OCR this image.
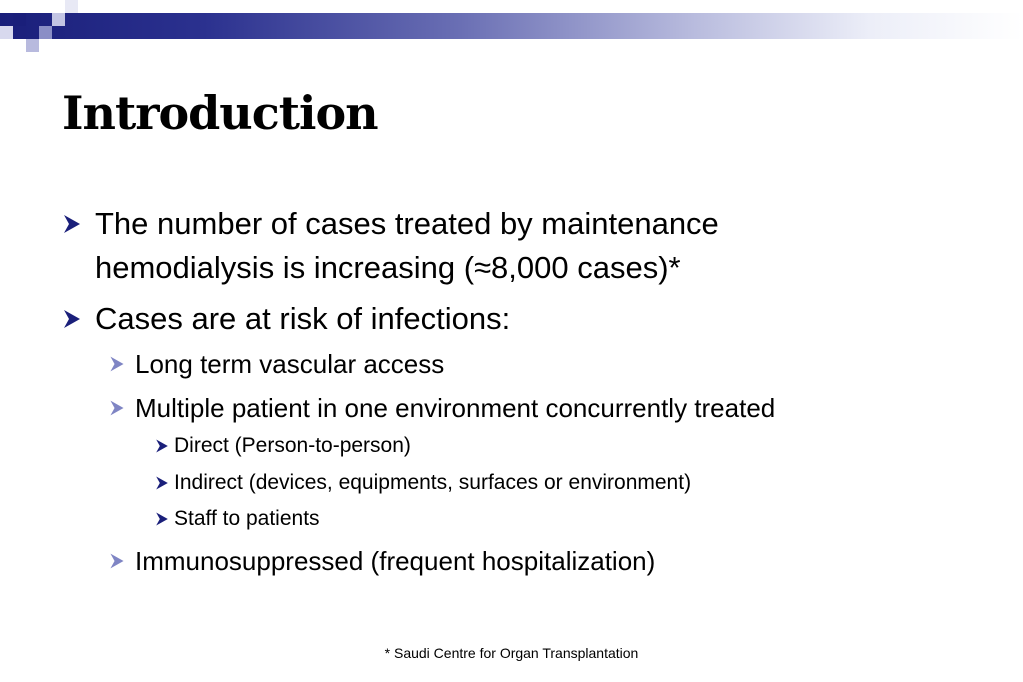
Introduction
The number of cases treated by maintenance
hemodialysis is increasing (≈8,000 cases)*
Cases are at risk of infections:
Long term vascular access
Multiple patient in one environment concurrently treated
Direct (Person-to-person)
Indirect (devices, equipments, surfaces or environment)
Staff to patients
Immunosuppressed (frequent hospitalization)
* Saudi Centre for Organ Transplantation
